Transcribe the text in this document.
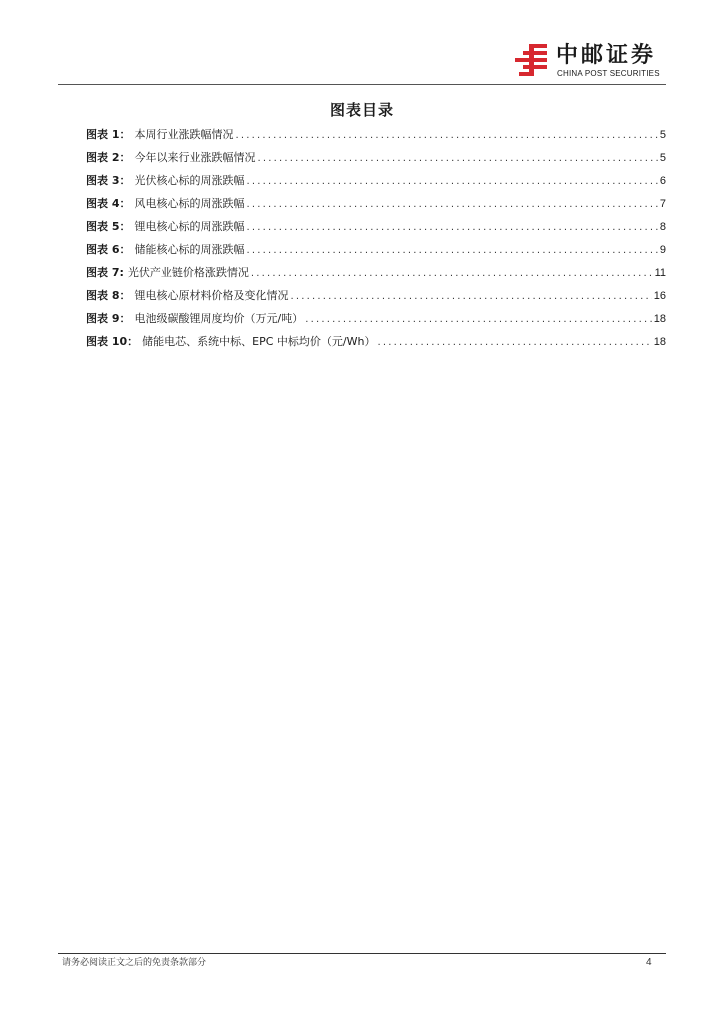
中邮证券
CHINA POST SECURITIES
图表目录
图表 1： 本周行业涨跌幅情况 .....	5
图表 2： 今年以来行业涨跌幅情况 .....	5
图表 3： 光伏核心标的周涨跌幅 .....	6
图表 4： 风电核心标的周涨跌幅 .....	7
图表 5： 锂电核心标的周涨跌幅 .....	8
图表 6： 储能核心标的周涨跌幅 .....	9
图表 7: 光伏产业链价格涨跌情况 .....	11
图表 8： 锂电核心原材料价格及变化情况 .....	16
图表 9： 电池级碳酸锂周度均价（万元/吨） .....	18
图表 10： 储能电芯、系统中标、EPC 中标均价（元/Wh） .....	18
请务必阅读正文之后的免责条款部分	4
